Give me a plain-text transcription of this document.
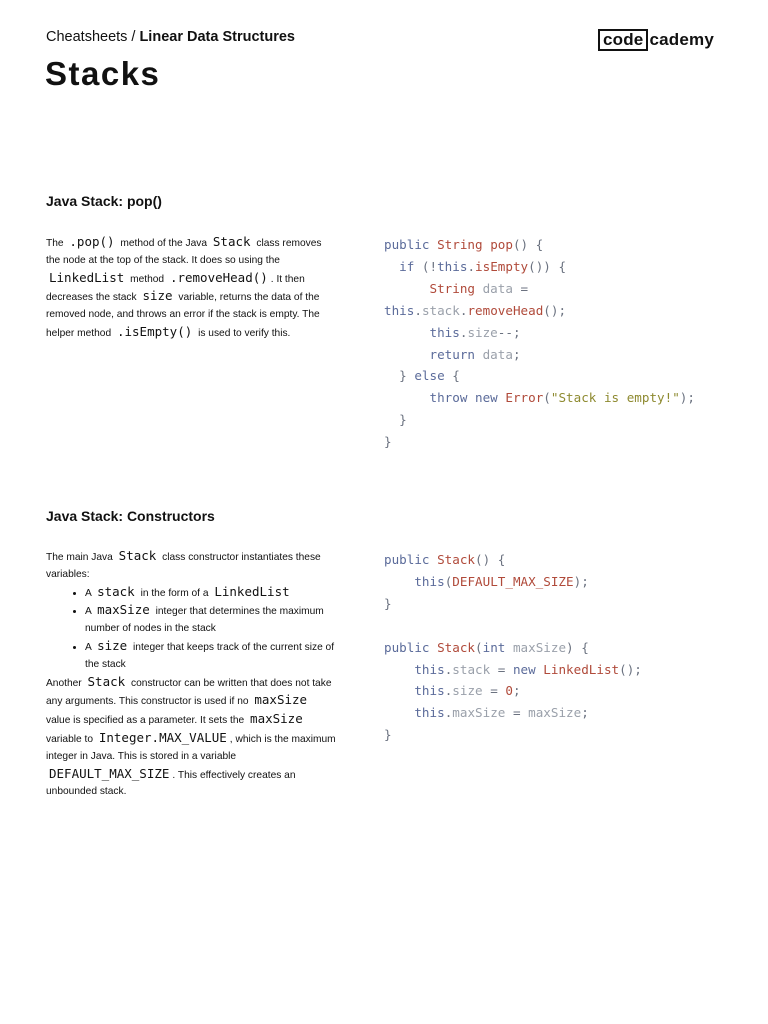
Cheatsheets / Linear Data Structures	code cademy
Stacks
Java Stack: pop()
The .pop() method of the Java Stack class removes the node at the top of the stack. It does so using the LinkedList method .removeHead() . It then decreases the stack size variable, returns the data of the removed node, and throws an error if the stack is empty. The helper method .isEmpty() is used to verify this.
public String pop() {
if (!this.isEmpty()) {
String data =
this.stack.removeHead();
this.size--;
return data;
} else {
throw new Error("Stack is empty!");
}
}
Java Stack: Constructors
The main Java Stack class constructor instantiates these variables:
• A stack in the form of a LinkedList
• A maxSize integer that determines the maximum number of nodes in the stack
• A size integer that keeps track of the current size of the stack
Another Stack constructor can be written that does not take any arguments. This constructor is used if no maxSize value is specified as a parameter. It sets the maxSize variable to Integer.MAX_VALUE , which is the maximum integer in Java. This is stored in a variable DEFAULT_MAX_SIZE . This effectively creates an unbounded stack.
public Stack() {
this(DEFAULT_MAX_SIZE);
}

public Stack(int maxSize) {
this.stack = new LinkedList();
this.size = 0;
this.maxSize = maxSize;
}
